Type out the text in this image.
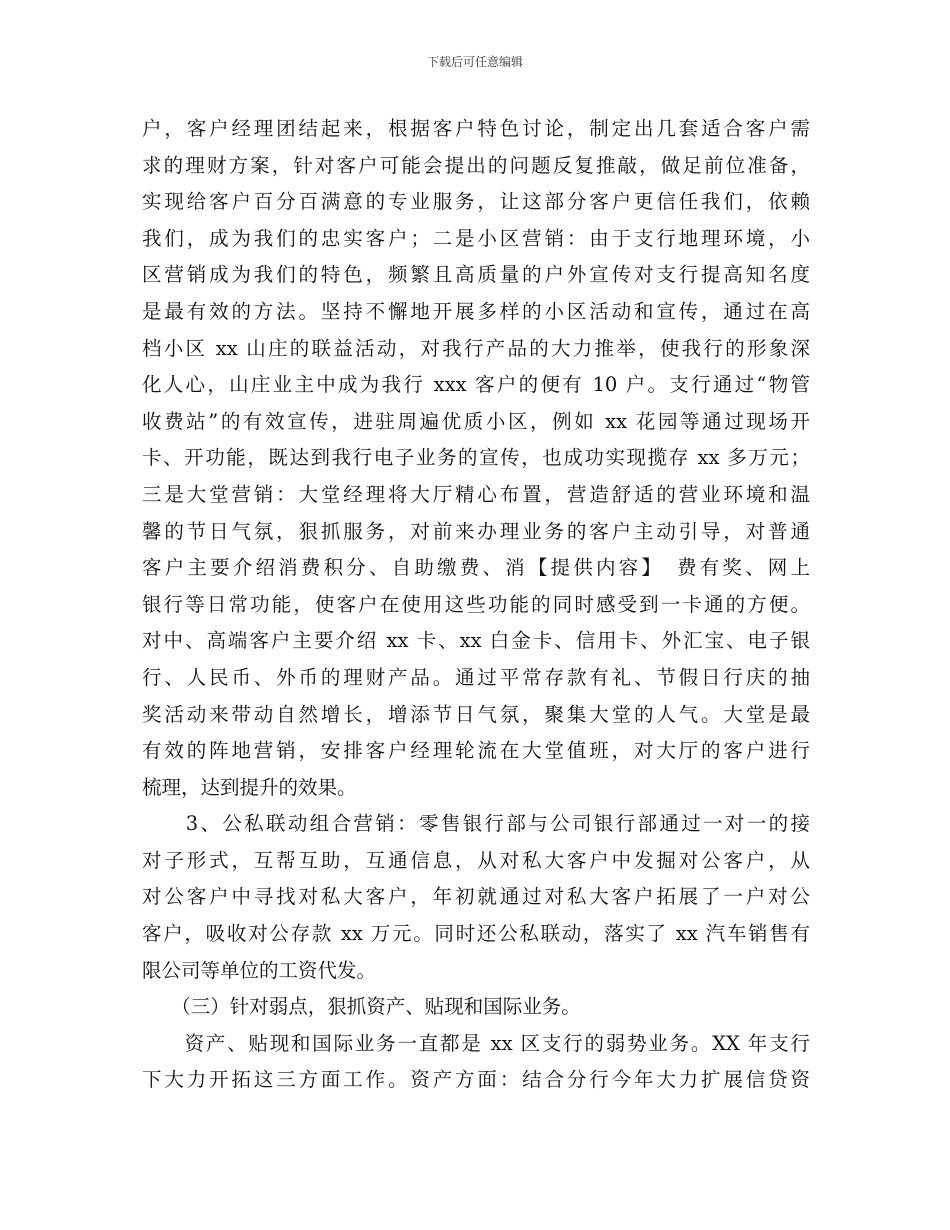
下载后可任意编辑
户，客户经理团结起来，根据客户特色讨论，制定出几套适合客户需
求的理财方案，针对客户可能会提出的问题反复推敲，做足前位准备，
实现给客户百分百满意的专业服务，让这部分客户更信任我们，依赖
我们，成为我们的忠实客户；二是小区营销：由于支行地理环境，小
区营销成为我们的特色，频繁且高质量的户外宣传对支行提高知名度
是最有效的方法。坚持不懈地开展多样的小区活动和宣传，通过在高
档小区 xx 山庄的联益活动，对我行产品的大力推举，使我行的形象深
化人心，山庄业主中成为我行 xxx 客户的便有 10 户。支行通过“物管
收费站”的有效宣传，进驻周遍优质小区，例如 xx 花园等通过现场开
卡、开功能，既达到我行电子业务的宣传，也成功实现揽存 xx 多万元；
三是大堂营销：大堂经理将大厅精心布置，营造舒适的营业环境和温
馨的节日气氛，狠抓服务，对前来办理业务的客户主动引导，对普通
客户主要介绍消费积分、自助缴费、消【提供内容】　费有奖、网上
银行等日常功能，使客户在使用这些功能的同时感受到一卡通的方便。
对中、高端客户主要介绍 xx 卡、xx 白金卡、信用卡、外汇宝、电子银
行、人民币、外币的理财产品。通过平常存款有礼、节假日行庆的抽
奖活动来带动自然增长，增添节日气氛，聚集大堂的人气。大堂是最
有效的阵地营销，安排客户经理轮流在大堂值班，对大厅的客户进行
梳理，达到提升的效果。
　　3、公私联动组合营销：零售银行部与公司银行部通过一对一的接
对子形式，互帮互助，互通信息，从对私大客户中发掘对公客户，从
对公客户中寻找对私大客户，年初就通过对私大客户拓展了一户对公
客户，吸收对公存款 xx 万元。同时还公私联动，落实了 xx 汽车销售有
限公司等单位的工资代发。
　　（三）针对弱点，狠抓资产、贴现和国际业务。
　　资产、贴现和国际业务一直都是 xx 区支行的弱势业务。XX 年支行
下大力开拓这三方面工作。资产方面：结合分行今年大力扩展信贷资
